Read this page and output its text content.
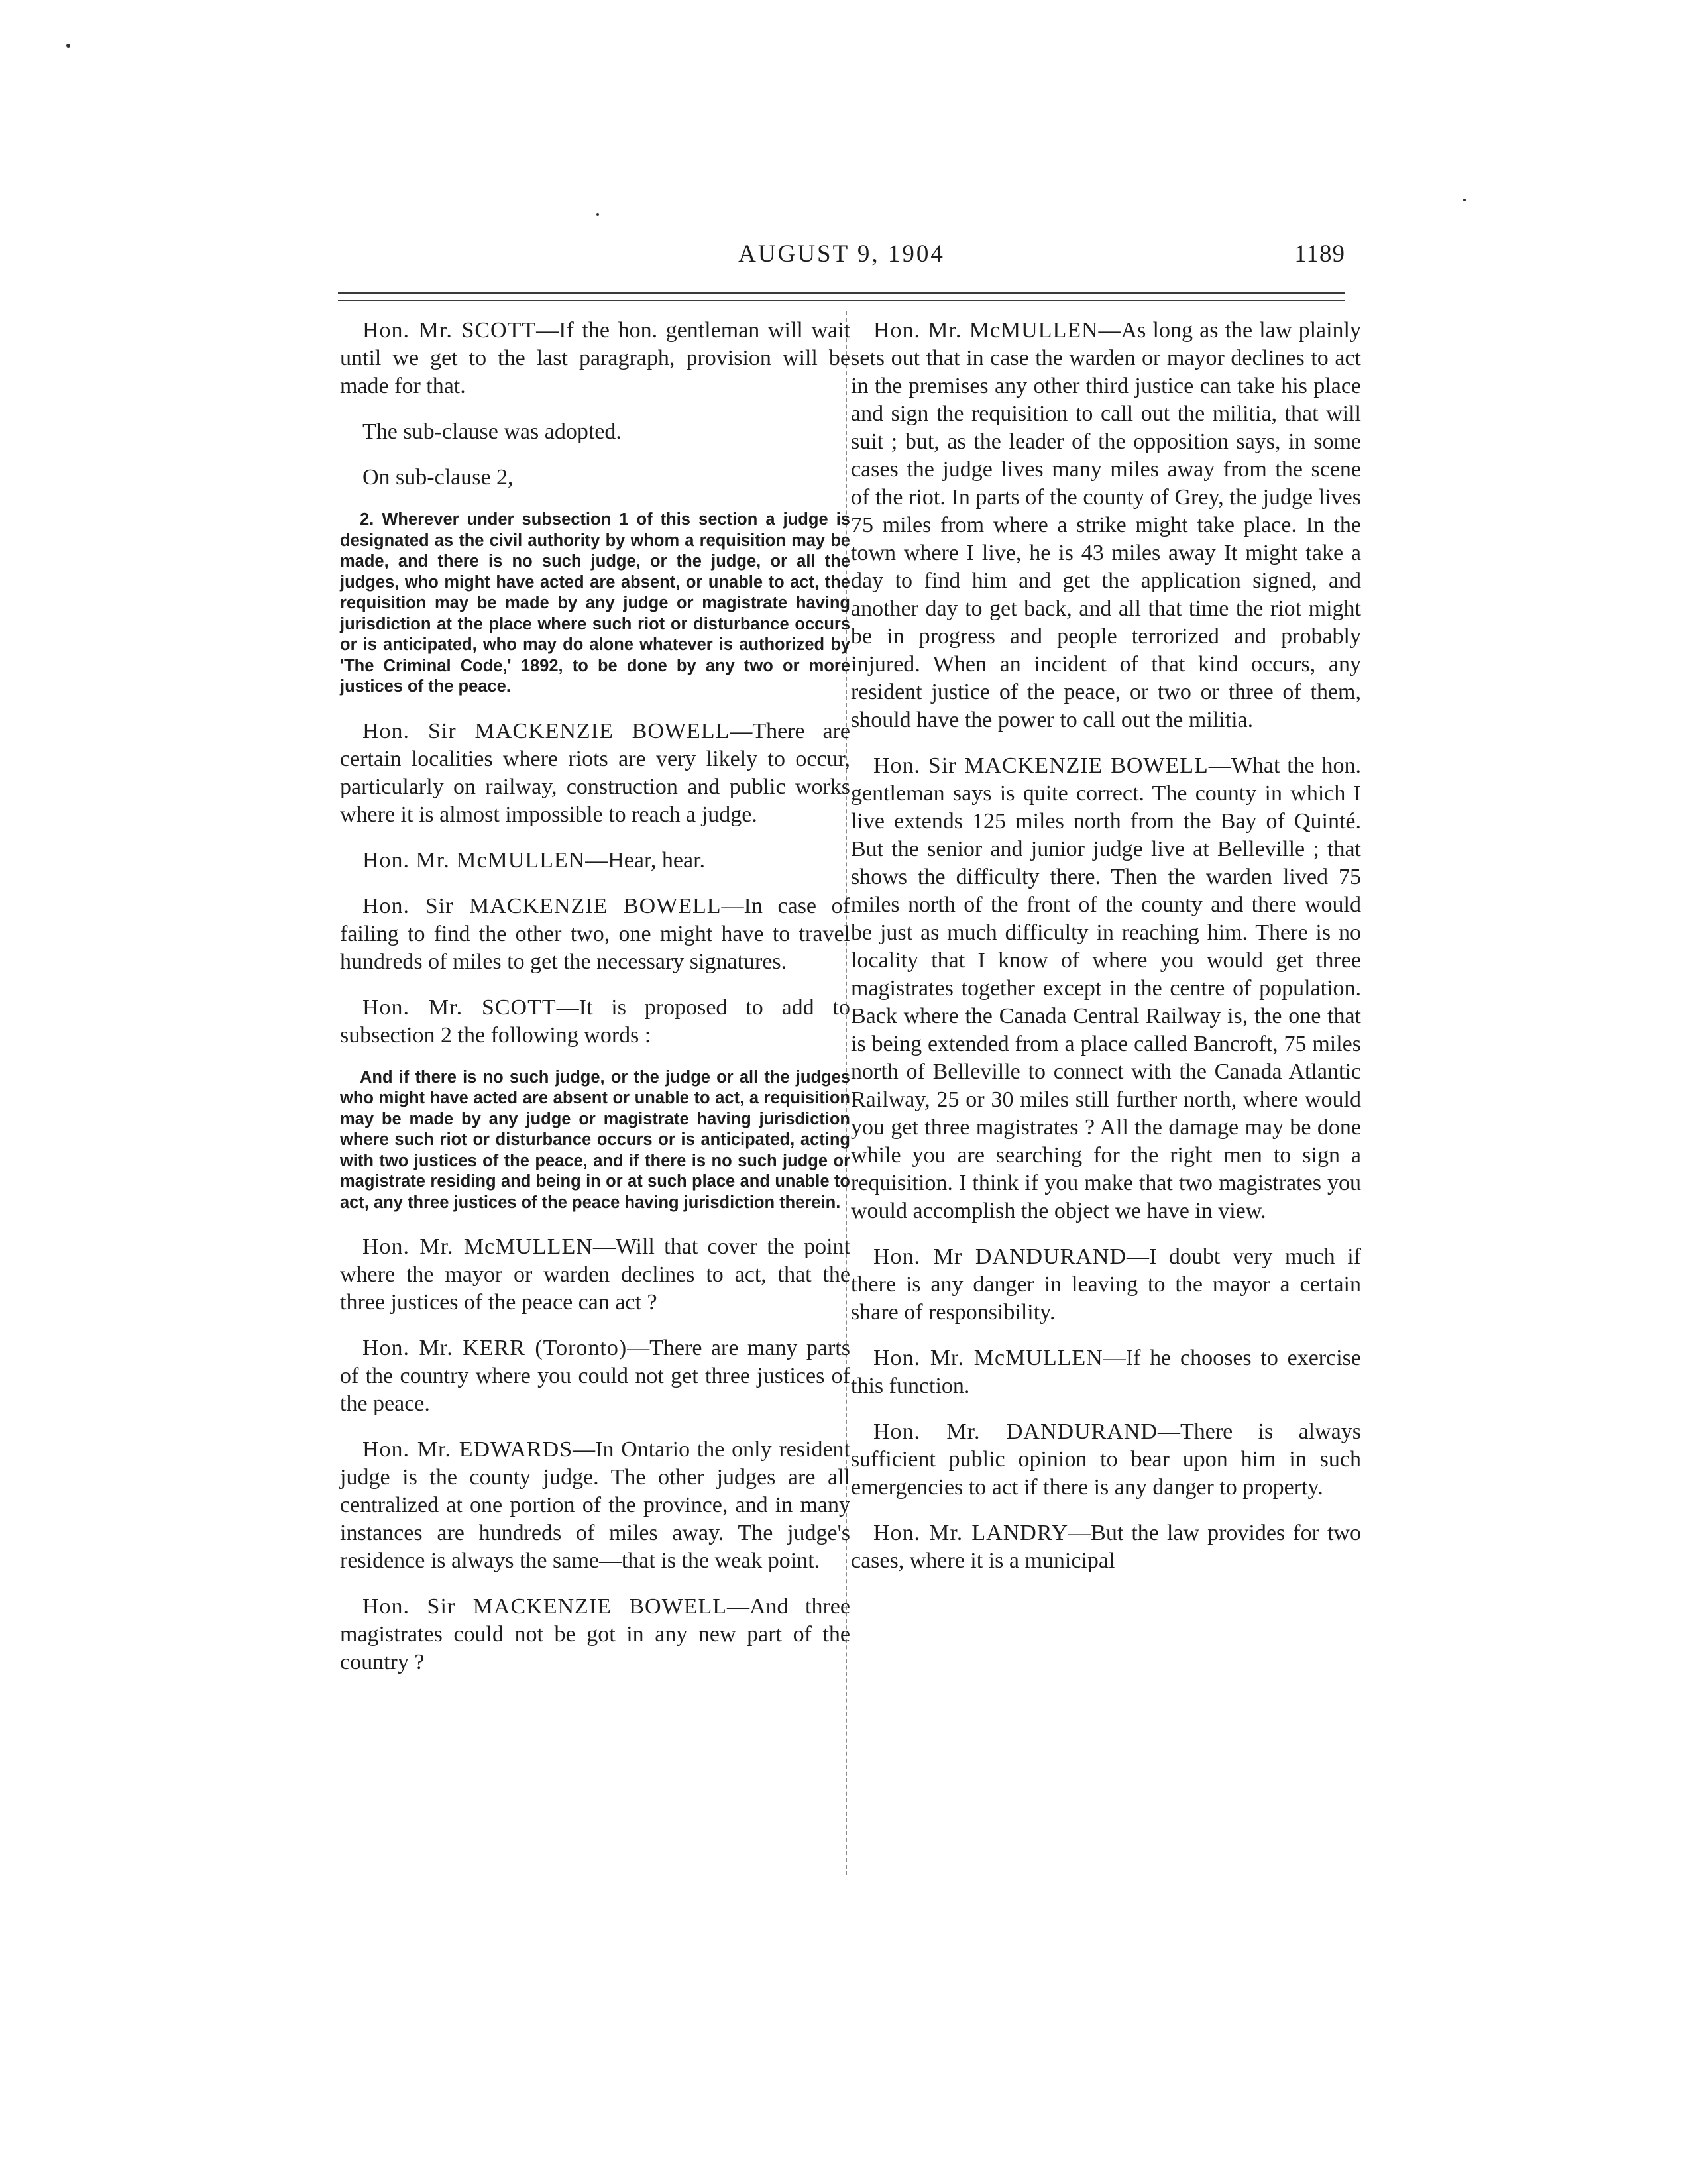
AUGUST 9, 1904	1189
Hon. Mr. SCOTT—If the hon. gentleman will wait until we get to the last paragraph, provision will be made for that.
The sub-clause was adopted.
On sub-clause 2,
2. Wherever under subsection 1 of this section a judge is designated as the civil authority by whom a requisition may be made, and there is no such judge, or the judge, or all the judges, who might have acted are absent, or unable to act, the requisition may be made by any judge or magistrate having jurisdiction at the place where such riot or disturbance occurs or is anticipated, who may do alone whatever is authorized by 'The Criminal Code,' 1892, to be done by any two or more justices of the peace.
Hon. Sir MACKENZIE BOWELL—There are certain localities where riots are very likely to occur, particularly on railway, construction and public works where it is almost impossible to reach a judge.
Hon. Mr. McMULLEN—Hear, hear.
Hon. Sir MACKENZIE BOWELL—In case of failing to find the other two, one might have to travel hundreds of miles to get the necessary signatures.
Hon. Mr. SCOTT—It is proposed to add to subsection 2 the following words :
And if there is no such judge, or the judge or all the judges who might have acted are absent or unable to act, a requisition may be made by any judge or magistrate having jurisdiction where such riot or disturbance occurs or is anticipated, acting with two justices of the peace, and if there is no such judge or magistrate residing and being in or at such place and unable to act, any three justices of the peace having jurisdiction therein.
Hon. Mr. McMULLEN—Will that cover the point where the mayor or warden declines to act, that the three justices of the peace can act ?
Hon. Mr. KERR (Toronto)—There are many parts of the country where you could not get three justices of the peace.
Hon. Mr. EDWARDS—In Ontario the only resident judge is the county judge. The other judges are all centralized at one portion of the province, and in many instances are hundreds of miles away. The judge's residence is always the same—that is the weak point.
Hon. Sir MACKENZIE BOWELL—And three magistrates could not be got in any new part of the country ?
Hon. Mr. McMULLEN—As long as the law plainly sets out that in case the warden or mayor declines to act in the premises any other third justice can take his place and sign the requisition to call out the militia, that will suit ; but, as the leader of the opposition says, in some cases the judge lives many miles away from the scene of the riot. In parts of the county of Grey, the judge lives 75 miles from where a strike might take place. In the town where I live, he is 43 miles away It might take a day to find him and get the application signed, and another day to get back, and all that time the riot might be in progress and people terrorized and probably injured. When an incident of that kind occurs, any resident justice of the peace, or two or three of them, should have the power to call out the militia.
Hon. Sir MACKENZIE BOWELL—What the hon. gentleman says is quite correct. The county in which I live extends 125 miles north from the Bay of Quinté. But the senior and junior judge live at Belleville ; that shows the difficulty there. Then the warden lived 75 miles north of the front of the county and there would be just as much difficulty in reaching him. There is no locality that I know of where you would get three magistrates together except in the centre of population. Back where the Canada Central Railway is, the one that is being extended from a place called Bancroft, 75 miles north of Belleville to connect with the Canada Atlantic Railway, 25 or 30 miles still further north, where would you get three magistrates ? All the damage may be done while you are searching for the right men to sign a requisition. I think if you make that two magistrates you would accomplish the object we have in view.
Hon. Mr DANDURAND—I doubt very much if there is any danger in leaving to the mayor a certain share of responsibility.
Hon. Mr. McMULLEN—If he chooses to exercise this function.
Hon. Mr. DANDURAND—There is always sufficient public opinion to bear upon him in such emergencies to act if there is any danger to property.
Hon. Mr. LANDRY—But the law provides for two cases, where it is a municipal
